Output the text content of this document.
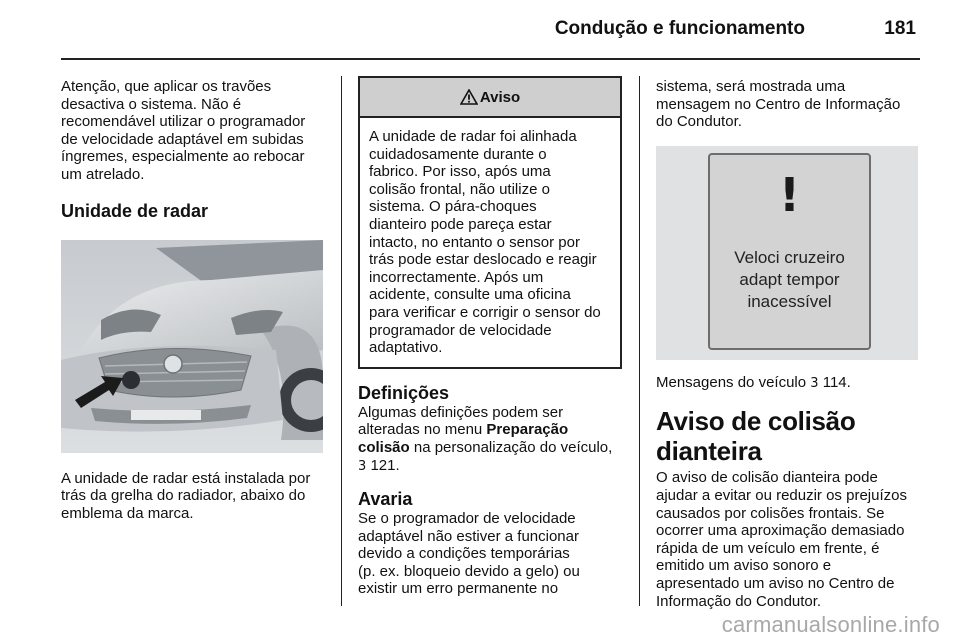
Condução e funcionamento	181
Atenção, que aplicar os travões
desactiva o sistema. Não é
recomendável utilizar o programador
de velocidade adaptável em subidas
íngremes, especialmente ao rebocar
um atrelado.
Unidade de radar
A unidade de radar está instalada por
trás da grelha do radiador, abaixo do
emblema da marca.
Aviso
A unidade de radar foi alinhada
cuidadosamente durante o
fabrico. Por isso, após uma
colisão frontal, não utilize o
sistema. O pára-choques
dianteiro pode pareça estar
intacto, no entanto o sensor por
trás pode estar deslocado e reagir
incorrectamente. Após um
acidente, consulte uma oficina
para verificar e corrigir o sensor do
programador de velocidade
adaptativo.
Definições
Algumas definições podem ser
alteradas no menu Preparação
colisão na personalização do veículo,
3 121.
Avaria
Se o programador de velocidade
adaptável não estiver a funcionar
devido a condições temporárias
(p. ex. bloqueio devido a gelo) ou
existir um erro permanente no
sistema, será mostrada uma
mensagem no Centro de Informação
do Condutor.
!
Veloci cruzeiro
adapt tempor
inacessível
Mensagens do veículo 3 114.
Aviso de colisão dianteira
O aviso de colisão dianteira pode
ajudar a evitar ou reduzir os prejuízos
causados por colisões frontais. Se
ocorrer uma aproximação demasiado
rápida de um veículo em frente, é
emitido um aviso sonoro e
apresentado um aviso no Centro de
Informação do Condutor.
carmanualsonline.info
